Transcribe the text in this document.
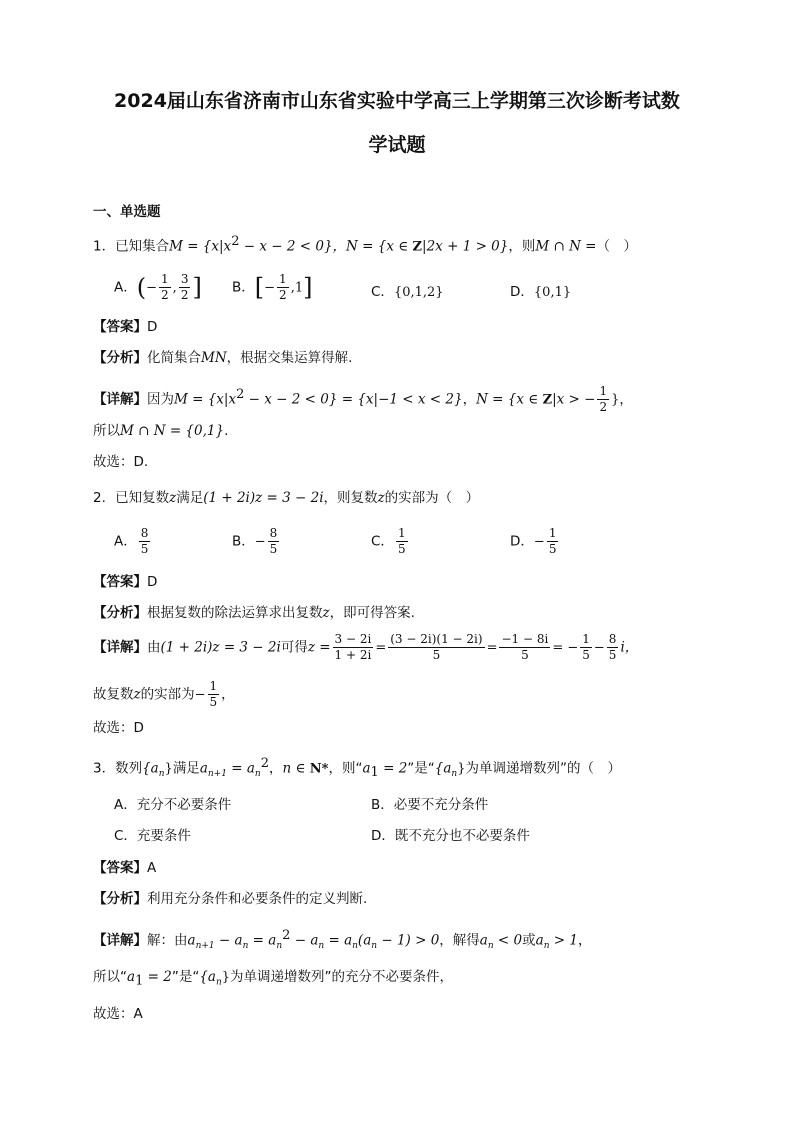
2024届山东省济南市山东省实验中学高三上学期第三次诊断考试数
学试题
一、单选题
1．已知集合$M = \{x|x^2 - x - 2 < 0\}$，N = {x ∈ Z|2x + 1 > 0}，则M ∩ N =（　）
A．(− $\frac{1}{2}$ , $\frac{3}{2}$ ] B．[− $\frac{1}{2} ,1$]	C．{0,1,2}	D．{0,1}
【答案】D
【分析】化简集合MN，根据交集运算得解.
【详解】因为$M = \{x|x^2 - x - 2 < 0\} = \{x|-1 < x < 2\}$，N = {x ∈ Z|x > − $\frac{1}{2}$ }，
所以M ∩ N = {0,1}.
故选：D.
2．已知复数z满足(1 + 2i)z = 3 − 2i，则复数z的实部为（　）
A． $\frac{8}{5}$	B．− $\frac{8}{5}$	C． $\frac{1}{5}$	D．− $\frac{1}{5}$
【答案】D
【分析】根据复数的除法运算求出复数z，即可得答案.
【详解】由(1 + 2i)z = 3 − 2i可得$z = \frac{3 - 2i}{1 + 2i} = \frac{(3 - 2i)(1 - 2i)}{5} = \frac{-1 - 8i}{5}$ = − $\frac{1}{5} - \frac{8}{5}$ i，
故复数z的实部为− $\frac{1}{5}$ ，
故选：D
3．数列$\{a_n\}$满足$a_{n+1} = a_n^2$，n ∈ N*，则“$a_1 = 2$”是“$\{a_n\}$为单调递增数列”的（　）
A．充分不必要条件	B．必要不充分条件
C．充要条件	D．既不充分也不必要条件
【答案】A
【分析】利用充分条件和必要条件的定义判断.
【详解】解：由$a_{n+1} - a_n = a_n^2 - a_n = a_n(a_n - 1) > 0$，解得$a_n < 0$或$a_n > 1$，
所以“$a_1 = 2$”是“$\{a_n\}$为单调递增数列”的充分不必要条件，
故选：A
